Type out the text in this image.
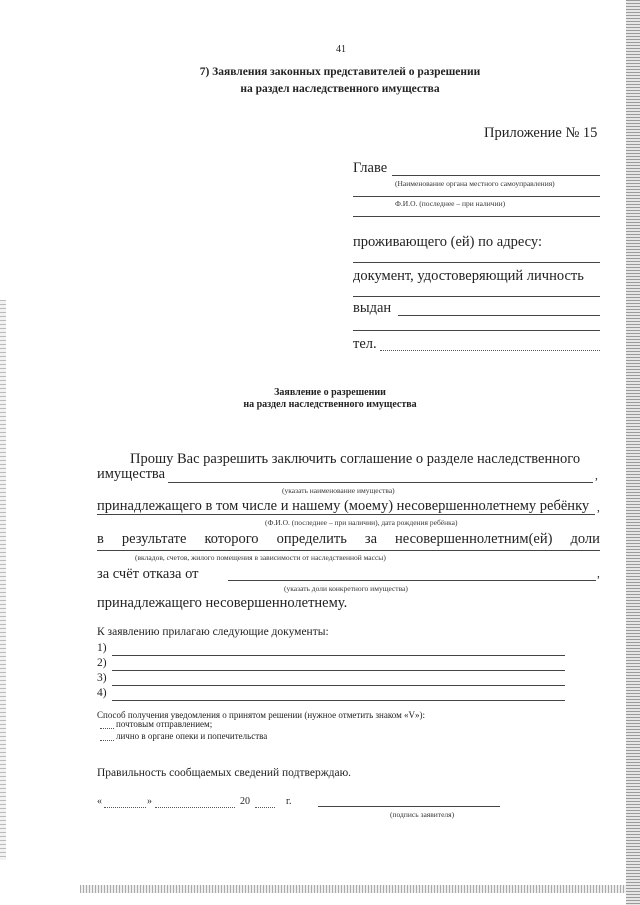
41
7) Заявления законных представителей о разрешении
на раздел наследственного имущества
Приложение № 15
Главе
(Наименование органа местного самоуправления)
Ф.И.О. (последнее – при наличии)
проживающего (ей) по адресу:
документ, удостоверяющий личность
выдан
тел.
Заявление о разрешении
на раздел наследственного имущества
Прошу Вас разрешить заключить соглашение о разделе наследственного
имущества	,
(указать наименование имущества)
принадлежащего в том числе и нашему (моему) несовершеннолетнему ребёнку ,
(Ф.И.О. (последнее – при наличии), дата рождения ребёнка)
в результате которого определить за несовершеннолетним(ей) доли
(вкладов, счетов, жилого помещения в зависимости от наследственной массы)
за счёт отказа от	,
(указать доли конкретного имущества)
принадлежащего несовершеннолетнему.
К заявлению прилагаю следующие документы:
1)
2)
3)
4)
Способ получения уведомления о принятом решении (нужное отметить знаком «V»):
почтовым отправлением;
лично в органе опеки и попечительства
Правильность сообщаемых сведений подтверждаю.
«	»	20	г.
(подпись заявителя)
